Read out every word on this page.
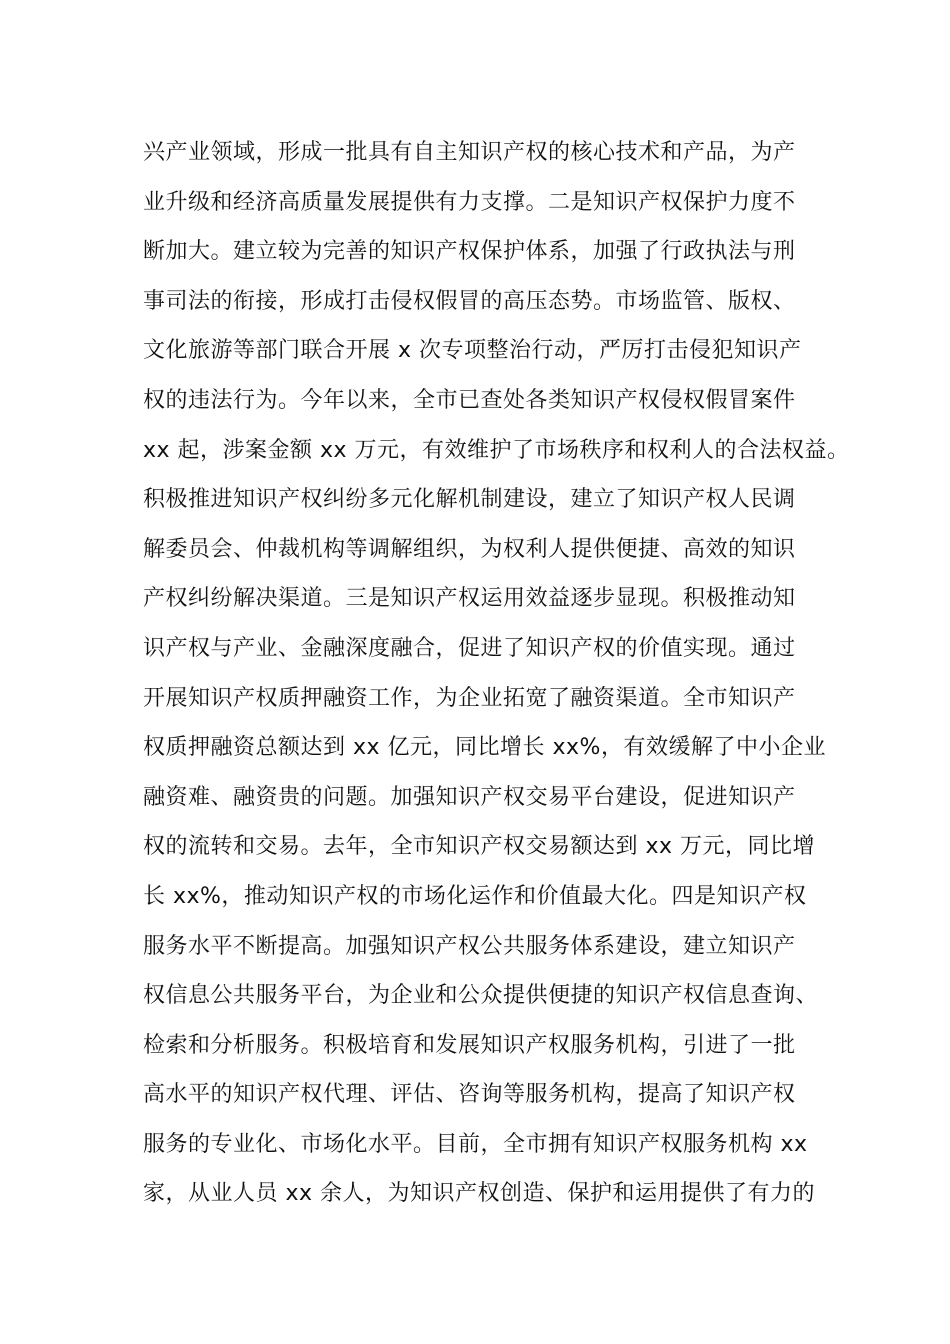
兴产业领域，形成一批具有自主知识产权的核心技术和产品，为产
业升级和经济高质量发展提供有力支撑。二是知识产权保护力度不
断加大。建立较为完善的知识产权保护体系，加强了行政执法与刑
事司法的衔接，形成打击侵权假冒的高压态势。市场监管、版权、
文化旅游等部门联合开展 x 次专项整治行动，严厉打击侵犯知识产
权的违法行为。今年以来，全市已查处各类知识产权侵权假冒案件
xx 起，涉案金额 xx 万元，有效维护了市场秩序和权利人的合法权益。
积极推进知识产权纠纷多元化解机制建设，建立了知识产权人民调
解委员会、仲裁机构等调解组织，为权利人提供便捷、高效的知识
产权纠纷解决渠道。三是知识产权运用效益逐步显现。积极推动知
识产权与产业、金融深度融合，促进了知识产权的价值实现。通过
开展知识产权质押融资工作，为企业拓宽了融资渠道。全市知识产
权质押融资总额达到 xx 亿元，同比增长 xx%，有效缓解了中小企业
融资难、融资贵的问题。加强知识产权交易平台建设，促进知识产
权的流转和交易。去年，全市知识产权交易额达到 xx 万元，同比增
长 xx%，推动知识产权的市场化运作和价值最大化。四是知识产权
服务水平不断提高。加强知识产权公共服务体系建设，建立知识产
权信息公共服务平台，为企业和公众提供便捷的知识产权信息查询、
检索和分析服务。积极培育和发展知识产权服务机构，引进了一批
高水平的知识产权代理、评估、咨询等服务机构，提高了知识产权
服务的专业化、市场化水平。目前，全市拥有知识产权服务机构 xx
家，从业人员 xx 余人，为知识产权创造、保护和运用提供了有力的
